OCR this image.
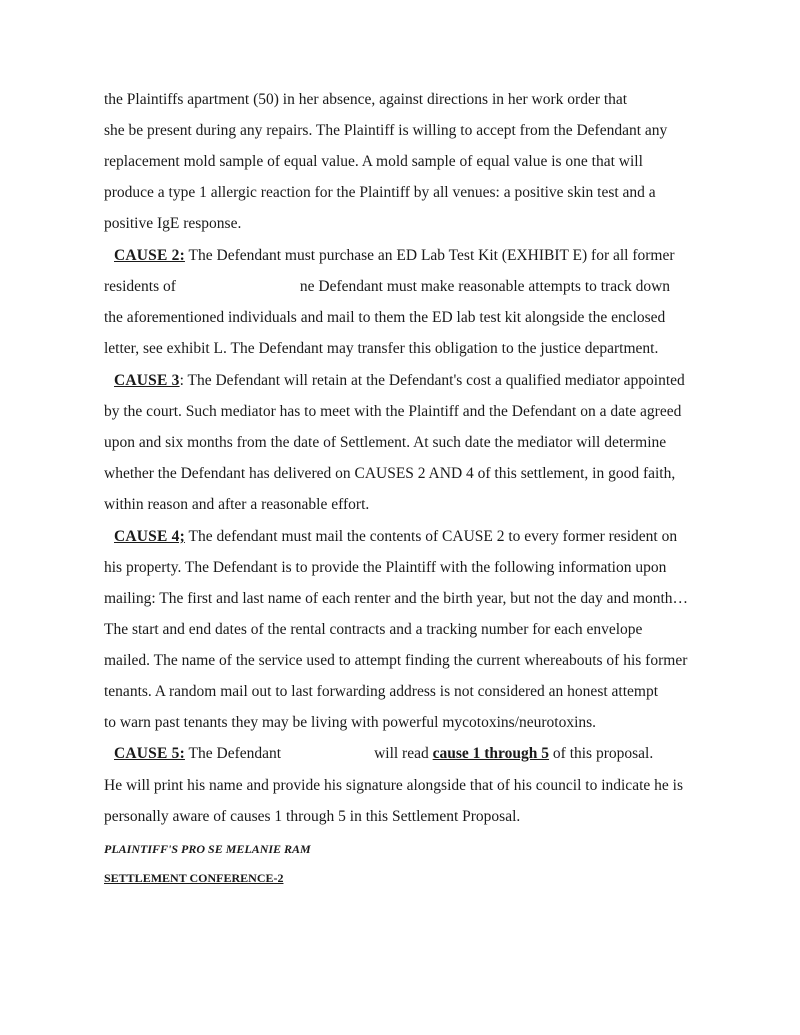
the Plaintiffs apartment (50) in her absence, against directions in her work order that
she be present during any repairs. The Plaintiff is willing to accept from the Defendant any
replacement mold sample of equal value. A mold sample of equal value is one that will
produce a type 1 allergic reaction for the Plaintiff by all venues: a positive skin test and a
positive IgE response.
CAUSE 2: The Defendant must purchase an ED Lab Test Kit (EXHIBIT E) for all former
residents of	ne Defendant must make reasonable attempts to track down
the aforementioned individuals and mail to them the ED lab test kit alongside the enclosed
letter, see exhibit L. The Defendant may transfer this obligation to the justice department.
CAUSE 3: The Defendant will retain at the Defendant's cost a qualified mediator appointed
by the court. Such mediator has to meet with the Plaintiff and the Defendant on a date agreed
upon and six months from the date of Settlement. At such date the mediator will determine
whether the Defendant has delivered on CAUSES 2 AND 4 of this settlement, in good faith,
within reason and after a reasonable effort.
CAUSE 4; The defendant must mail the contents of CAUSE 2 to every former resident on
his property. The Defendant is to provide the Plaintiff with the following information upon
mailing: The first and last name of each renter and the birth year, but not the day and month…
The start and end dates of the rental contracts and a tracking number for each envelope
mailed. The name of the service used to attempt finding the current whereabouts of his former
tenants. A random mail out to last forwarding address is not considered an honest attempt
to warn past tenants they may be living with powerful mycotoxins/neurotoxins.
CAUSE 5: The Defendant	will read cause 1 through 5 of this proposal.
He will print his name and provide his signature alongside that of his council to indicate he is
personally aware of causes 1 through 5 in this Settlement Proposal.
PLAINTIFF'S PRO SE MELANIE RAM
SETTLEMENT CONFERENCE-2
